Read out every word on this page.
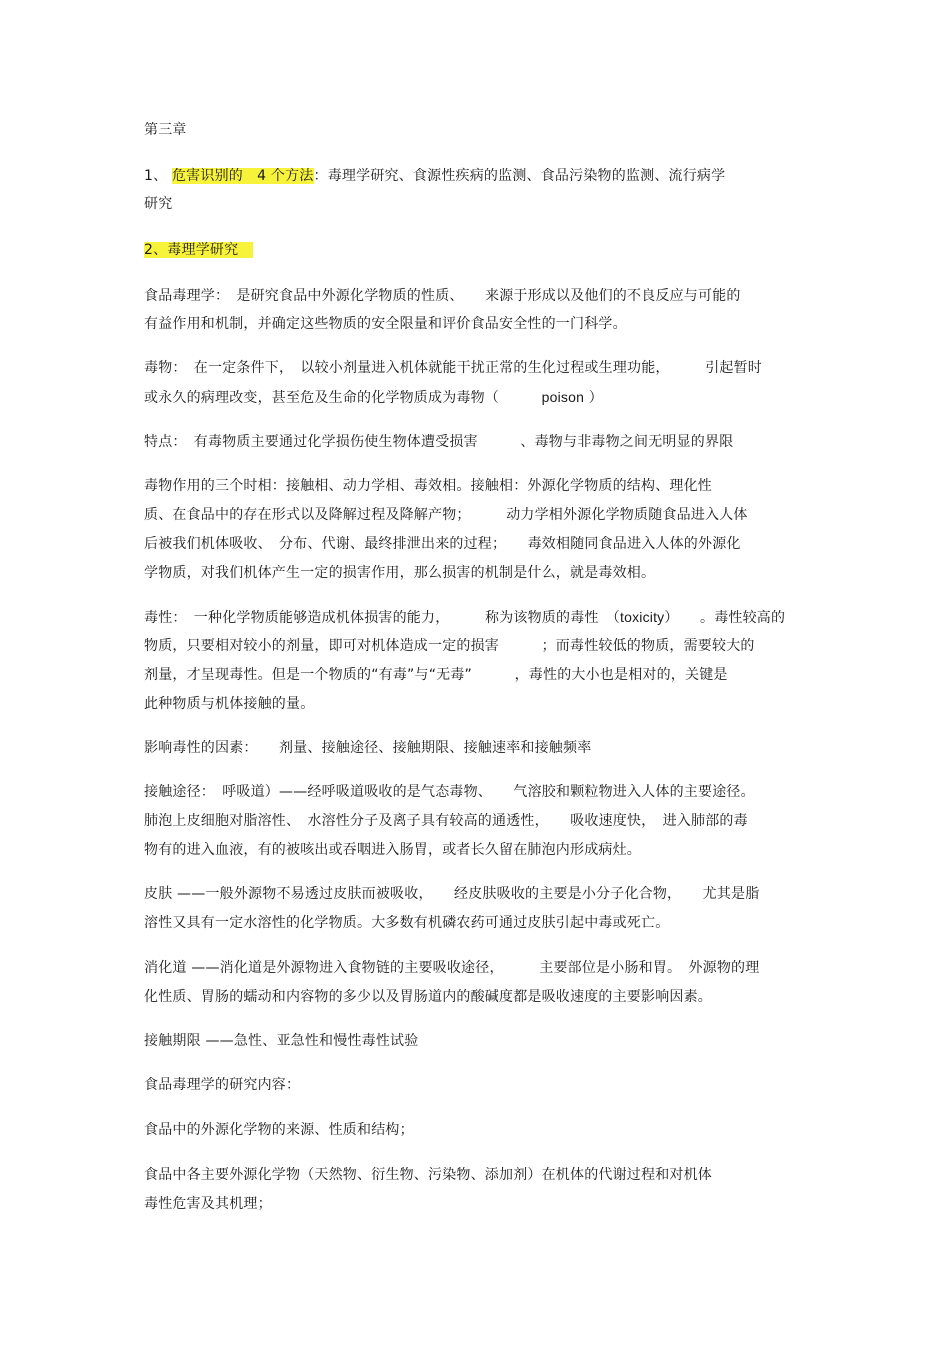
第三章
1、 危害识别的　4 个方法：毒理学研究、食源性疾病的监测、食品污染物的监测、流行病学
研究
2、毒理学研究　
食品毒理学：　是研究食品中外源化学物质的性质、　　来源于形成以及他们的不良反应与可能的
有益作用和机制，并确定这些物质的安全限量和评价食品安全性的一门科学。
毒物：　在一定条件下，　以较小剂量进入机体就能干扰正常的生化过程或生理功能，　　　引起暂时
或永久的病理改变，甚至危及生命的化学物质成为毒物（　　　poison ）
特点：　有毒物质主要通过化学损伤使生物体遭受损害　　　、毒物与非毒物之间无明显的界限
毒物作用的三个时相：接触相、动力学相、毒效相。接触相：外源化学物质的结构、理化性
质、在食品中的存在形式以及降解过程及降解产物；　　　动力学相外源化学物质随食品进入人体
后被我们机体吸收、　分布、代谢、最终排泄出来的过程；　　毒效相随同食品进入人体的外源化
学物质，对我们机体产生一定的损害作用，那么损害的机制是什么，就是毒效相。
毒性：　一种化学物质能够造成机体损害的能力，　　　称为该物质的毒性　（toxicity）　　。毒性较高的
物质，只要相对较小的剂量，即可对机体造成一定的损害　　　；而毒性较低的物质，需要较大的
剂量，才呈现毒性。但是一个物质的“有毒”与“无毒”　　　，毒性的大小也是相对的，关键是
此种物质与机体接触的量。
影响毒性的因素：　　剂量、接触途径、接触期限、接触速率和接触频率
接触途径：　呼吸道）——经呼吸道吸收的是气态毒物、　　气溶胶和颗粒物进入人体的主要途径。
肺泡上皮细胞对脂溶性、　水溶性分子及离子具有较高的通透性，　　吸收速度快，　进入肺部的毒
物有的进入血液，有的被咳出或吞咽进入肠胃，或者长久留在肺泡内形成病灶。
皮肤 ——一般外源物不易透过皮肤而被吸收，　　经皮肤吸收的主要是小分子化合物，　　尤其是脂
溶性又具有一定水溶性的化学物质。大多数有机磷农药可通过皮肤引起中毒或死亡。
消化道 ——消化道是外源物进入食物链的主要吸收途径，　　　主要部位是小肠和胃。　外源物的理
化性质、胃肠的蠕动和内容物的多少以及胃肠道内的酸碱度都是吸收速度的主要影响因素。
接触期限 ——急性、亚急性和慢性毒性试验
食品毒理学的研究内容：
食品中的外源化学物的来源、性质和结构；
食品中各主要外源化学物（天然物、衍生物、污染物、添加剂）在机体的代谢过程和对机体
毒性危害及其机理；
